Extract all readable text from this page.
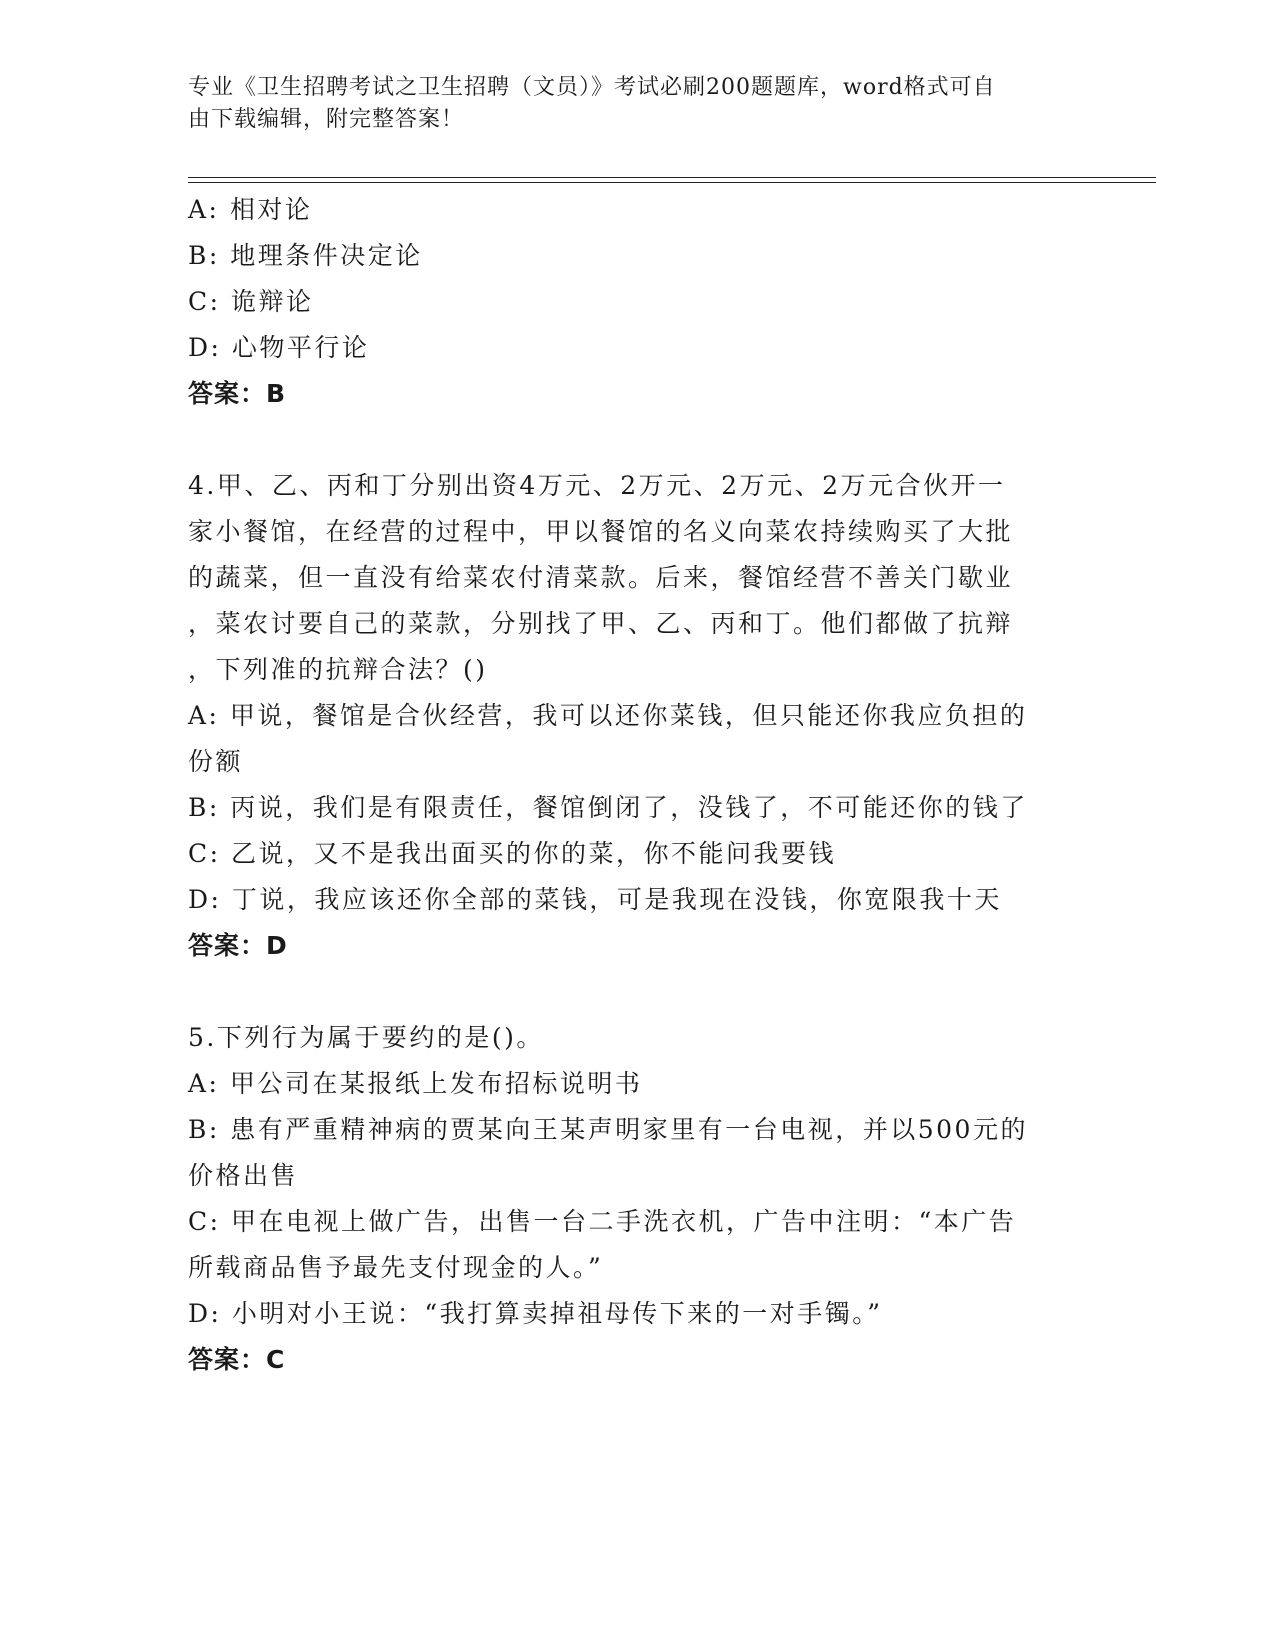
专业《卫生招聘考试之卫生招聘（文员）》考试必刷200题题库，word格式可自
由下载编辑，附完整答案！
A: 相对论
B: 地理条件决定论
C: 诡辩论
D: 心物平行论
答案：B
4.甲、乙、丙和丁分别出资4万元、2万元、2万元、2万元合伙开一
家小餐馆，在经营的过程中，甲以餐馆的名义向菜农持续购买了大批
的蔬菜，但一直没有给菜农付清菜款。后来，餐馆经营不善关门歇业
，菜农讨要自己的菜款，分别找了甲、乙、丙和丁。他们都做了抗辩
，下列准的抗辩合法？()
A: 甲说，餐馆是合伙经营，我可以还你菜钱，但只能还你我应负担的
份额
B: 丙说，我们是有限责任，餐馆倒闭了，没钱了，不可能还你的钱了
C: 乙说，又不是我出面买的你的菜，你不能问我要钱
D: 丁说，我应该还你全部的菜钱，可是我现在没钱，你宽限我十天
答案：D
5.下列行为属于要约的是()。
A: 甲公司在某报纸上发布招标说明书
B: 患有严重精神病的贾某向王某声明家里有一台电视，并以500元的
价格出售
C: 甲在电视上做广告，出售一台二手洗衣机，广告中注明：“本广告
所载商品售予最先支付现金的人。”
D: 小明对小王说：“我打算卖掉祖母传下来的一对手镯。”
答案：C
